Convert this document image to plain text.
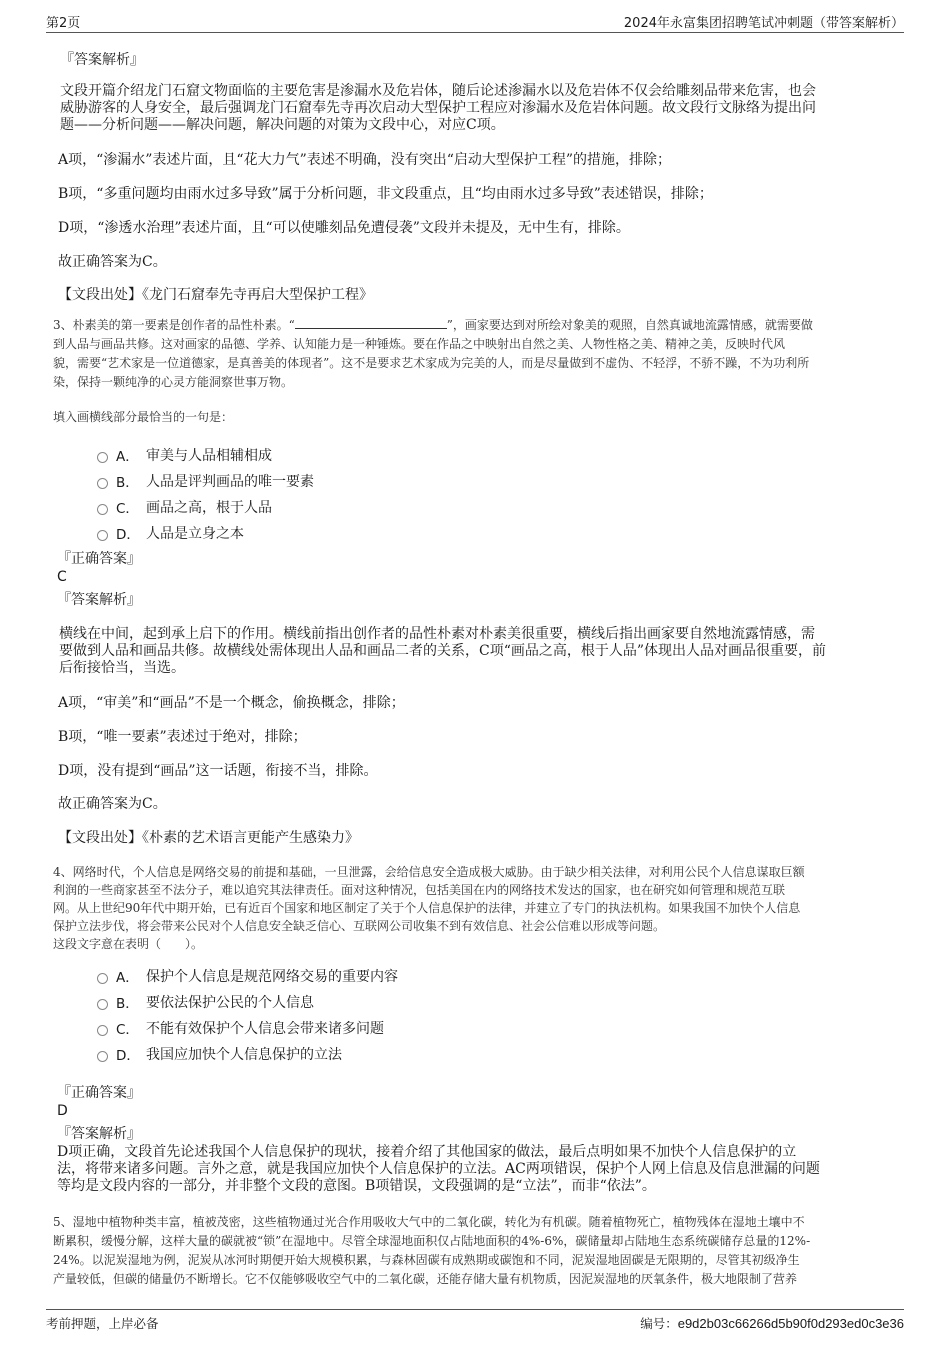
第2页	2024年永富集团招聘笔试冲刺题（带答案解析）
『答案解析』
文段开篇介绍龙门石窟文物面临的主要危害是渗漏水及危岩体，随后论述渗漏水以及危岩体不仅会给雕刻品带来危害，也会
威胁游客的人身安全，最后强调龙门石窟奉先寺再次启动大型保护工程应对渗漏水及危岩体问题。故文段行文脉络为提出问
题——分析问题——解决问题，解决问题的对策为文段中心，对应C项。
A项，“渗漏水”表述片面，且“花大力气”表述不明确，没有突出“启动大型保护工程”的措施，排除；
B项，“多重问题均由雨水过多导致”属于分析问题，非文段重点，且“均由雨水过多导致”表述错误，排除；
D项，“渗透水治理”表述片面，且“可以使雕刻品免遭侵袭”文段并未提及，无中生有，排除。
故正确答案为C。
【文段出处】《龙门石窟奉先寺再启大型保护工程》
3、朴素美的第一要素是创作者的品性朴素。“	”，画家要达到对所绘对象美的观照，自然真诚地流露情感，就需要做
到人品与画品共修。这对画家的品德、学养、认知能力是一种锤炼。要在作品之中映射出自然之美、人物性格之美、精神之美，反映时代风
貌，需要“艺术家是一位道德家，是真善美的体现者”。这不是要求艺术家成为完美的人，而是尽量做到不虚伪、不轻浮，不骄不躁，不为功利所
染，保持一颗纯净的心灵方能洞察世事万物。
填入画横线部分最恰当的一句是：
A． 审美与人品相辅相成
B． 人品是评判画品的唯一要素
C． 画品之高，根于人品
D． 人品是立身之本
『正确答案』
C
『答案解析』
横线在中间，起到承上启下的作用。横线前指出创作者的品性朴素对朴素美很重要，横线后指出画家要自然地流露情感，需
要做到人品和画品共修。故横线处需体现出人品和画品二者的关系，C项“画品之高，根于人品”体现出人品对画品很重要，前
后衔接恰当，当选。
A项，“审美”和“画品”不是一个概念，偷换概念，排除；
B项，“唯一要素”表述过于绝对，排除；
D项，没有提到“画品”这一话题，衔接不当，排除。
故正确答案为C。
【文段出处】《朴素的艺术语言更能产生感染力》
4、网络时代，个人信息是网络交易的前提和基础，一旦泄露，会给信息安全造成极大威胁。由于缺少相关法律，对利用公民个人信息谋取巨额
利润的一些商家甚至不法分子，难以追究其法律责任。面对这种情况，包括美国在内的网络技术发达的国家，也在研究如何管理和规范互联
网。从上世纪90年代中期开始，已有近百个国家和地区制定了关于个人信息保护的法律，并建立了专门的执法机构。如果我国不加快个人信息
保护立法步伐，将会带来公民对个人信息安全缺乏信心、互联网公司收集不到有效信息、社会公信难以形成等问题。
这段文字意在表明（　　）。
A． 保护个人信息是规范网络交易的重要内容
B． 要依法保护公民的个人信息
C． 不能有效保护个人信息会带来诸多问题
D． 我国应加快个人信息保护的立法
『正确答案』
D
『答案解析』
D项正确，文段首先论述我国个人信息保护的现状，接着介绍了其他国家的做法，最后点明如果不加快个人信息保护的立
法，将带来诸多问题。言外之意，就是我国应加快个人信息保护的立法。AC两项错误，保护个人网上信息及信息泄漏的问题
等均是文段内容的一部分，并非整个文段的意图。B项错误，文段强调的是“立法”，而非“依法”。
5、湿地中植物种类丰富，植被茂密，这些植物通过光合作用吸收大气中的二氧化碳，转化为有机碳。随着植物死亡，植物残体在湿地土壤中不
断累积，缓慢分解，这样大量的碳就被“锁”在湿地中。尽管全球湿地面积仅占陆地面积的4%-6%，碳储量却占陆地生态系统碳储存总量的12%-
24%。以泥炭湿地为例，泥炭从冰河时期便开始大规模积累，与森林固碳有成熟期或碳饱和不同，泥炭湿地固碳是无限期的，尽管其初级净生
产量较低，但碳的储量仍不断增长。它不仅能够吸收空气中的二氧化碳，还能存储大量有机物质，因泥炭湿地的厌氧条件，极大地限制了营养
考前押题，上岸必备	编号：e9d2b03c66266d5b90f0d293ed0c3e36
